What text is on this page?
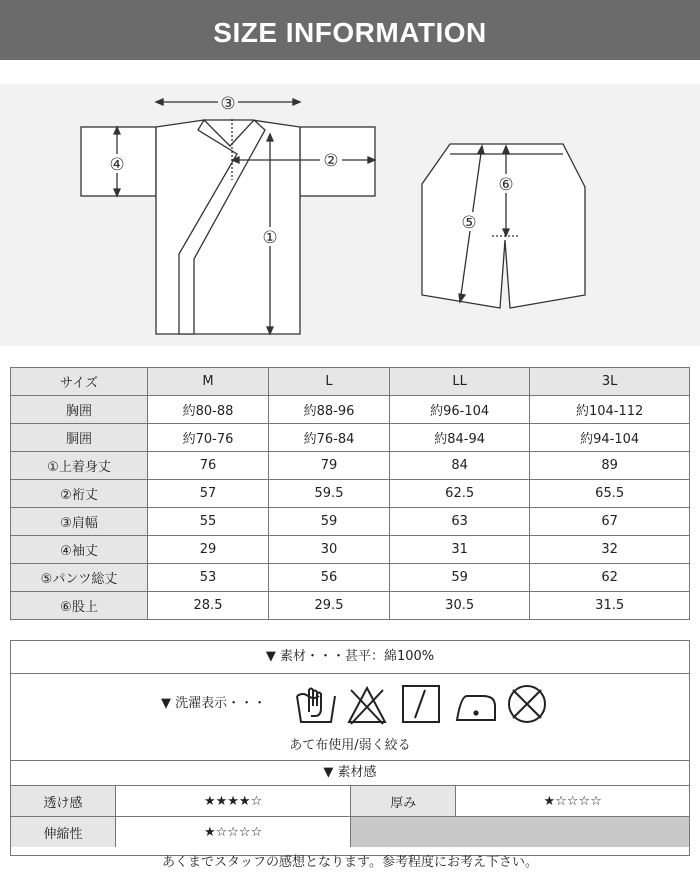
SIZE INFORMATION
③
④	②
①
⑤
⑥
サイズ	M	L	LL	3L
胸囲	約80-88	約88-96	約96-104	約104-112
胴囲	約70-76	約76-84	約84-94	約94-104
①上着身丈	76	79	84	89
②裄丈	57	59.5	62.5	65.5
③肩幅	55	59	63	67
④袖丈	29	30	31	32
⑤パンツ総丈	53	56	59	62
⑥股上	28.5	29.5	30.5	31.5
▼ 素材・・・甚平：綿100%
▼ 洗濯表示・・・
あて布使用/弱く絞る
▼ 素材感
透け感	★★★★☆	厚み	★☆☆☆☆
伸縮性	★☆☆☆☆		
あくまでスタッフの感想となります。参考程度にお考え下さい。
